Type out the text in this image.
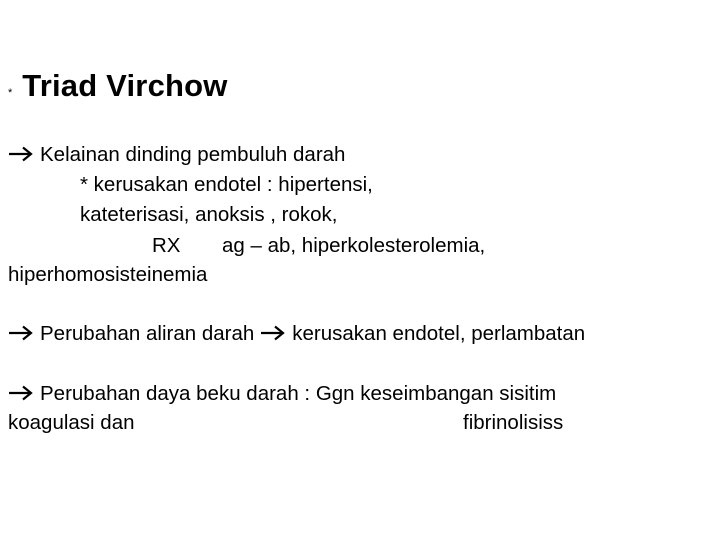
* Triad Virchow
Kelainan dinding pembuluh darah
* kerusakan endotel : hipertensi,
kateterisasi, anoksis , rokok,
RX ag – ab, hiperkolesterolemia,
hiperhomosisteinemia
Perubahan aliran darah kerusakan endotel, perlambatan
Perubahan daya beku darah : Ggn keseimbangan sisitim
koagulasi dan	fibrinolisiss
